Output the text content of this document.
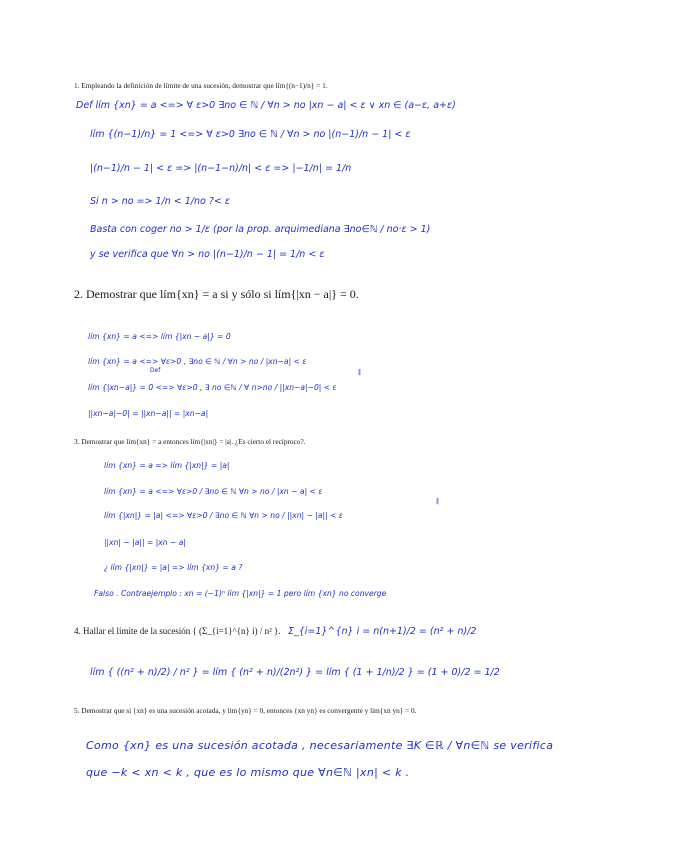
1. Empleando la definición de límite de una sucesión, demostrar que lím{(n−1)/n} = 1.
Def lím {xn} = a <=> ∀ ε>0 ∃no ∈ ℕ / ∀n > no |xn − a| < ε ∨ xn ∈ (a−ε, a+ε)
lím {(n−1)/n} = 1 <=> ∀ ε>0 ∃no ∈ ℕ / ∀n > no |(n−1)/n − 1| < ε
|(n−1)/n − 1| < ε => |(n−1−n)/n| < ε => |−1/n| = 1/n
Si n > no => 1/n < 1/no ?< ε
Basta con coger no > 1/ε (por la prop. arquimediana ∃no∈ℕ / no·ε > 1)
y se verifica que ∀n > no |(n−1)/n − 1| = 1/n < ε
2. Demostrar que lím{xn} = a si y sólo si lím{|xn − a|} = 0.
lím {xn} = a <=> lím {|xn − a|} = 0
lím {xn} = a <=> ∀ε>0 , ∃no ∈ ℕ / ∀n > no / |xn−a| < ε
Def	‖
lím {|xn−a|} = 0 <=> ∀ε>0 , ∃ no ∈ℕ / ∀ n>no / ||xn−a|−0| < ε
||xn−a|−0| = ||xn−a|| = |xn−a|
3. Demostrar que lím{xn} = a entonces lím{|xn|} = |a|. ¿Es cierto el recíproco?.
lím {xn} = a => lím {|xn|} = |a|
lím {xn} = a <=> ∀ε>0 / ∃no ∈ ℕ ∀n > no / |xn − a| < ε
‖
lím {|xn|} = |a| <=> ∀ε>0 / ∃no ∈ ℕ ∀n > no / ||xn| − |a|| < ε
||xn| − |a|| = |xn − a|
¿ lím {|xn|} = |a| => lím {xn} = a ?
Falso . Contraejemplo : xn = (−1)ⁿ lím {|xn|} = 1 pero lím {xn} no converge
4. Hallar el límite de la sucesión { (Σ_{i=1}^{n} i) / n² }. Σ_{i=1}^{n} i = n(n+1)/2 = (n² + n)/2
lím { ((n² + n)/2) / n² } = lím { (n² + n)/(2n²) } = lím { (1 + 1/n)/2 } = (1 + 0)/2 = 1/2
5. Demostrar que si {xn} es una sucesión acotada, y lim{yn} = 0, entonces {xn yn} es convergente y lim{xn yn} = 0.
Como {xn} es una sucesión acotada , necesariamente ∃K ∈ℝ / ∀n∈ℕ se verifica
que −k < xn < k , que es lo mismo que ∀n∈ℕ |xn| < k .
